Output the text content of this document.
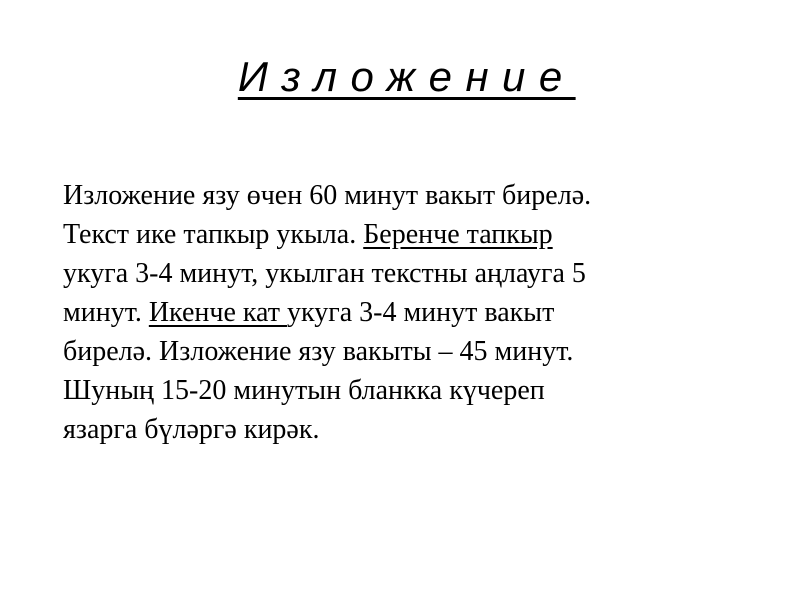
Изложение
Изложение язу өчен 60 минут вакыт бирелә.
Текст ике тапкыр укыла. Беренче тапкыр
укуга 3-4 минут, укылган текстны аңлауга 5
минут. Икенче кат укуга 3-4 минут вакыт
бирелә. Изложение язу вакыты – 45 минут.
Шуның 15-20 минутын бланкка күчереп
язарга бүләргә кирәк.
